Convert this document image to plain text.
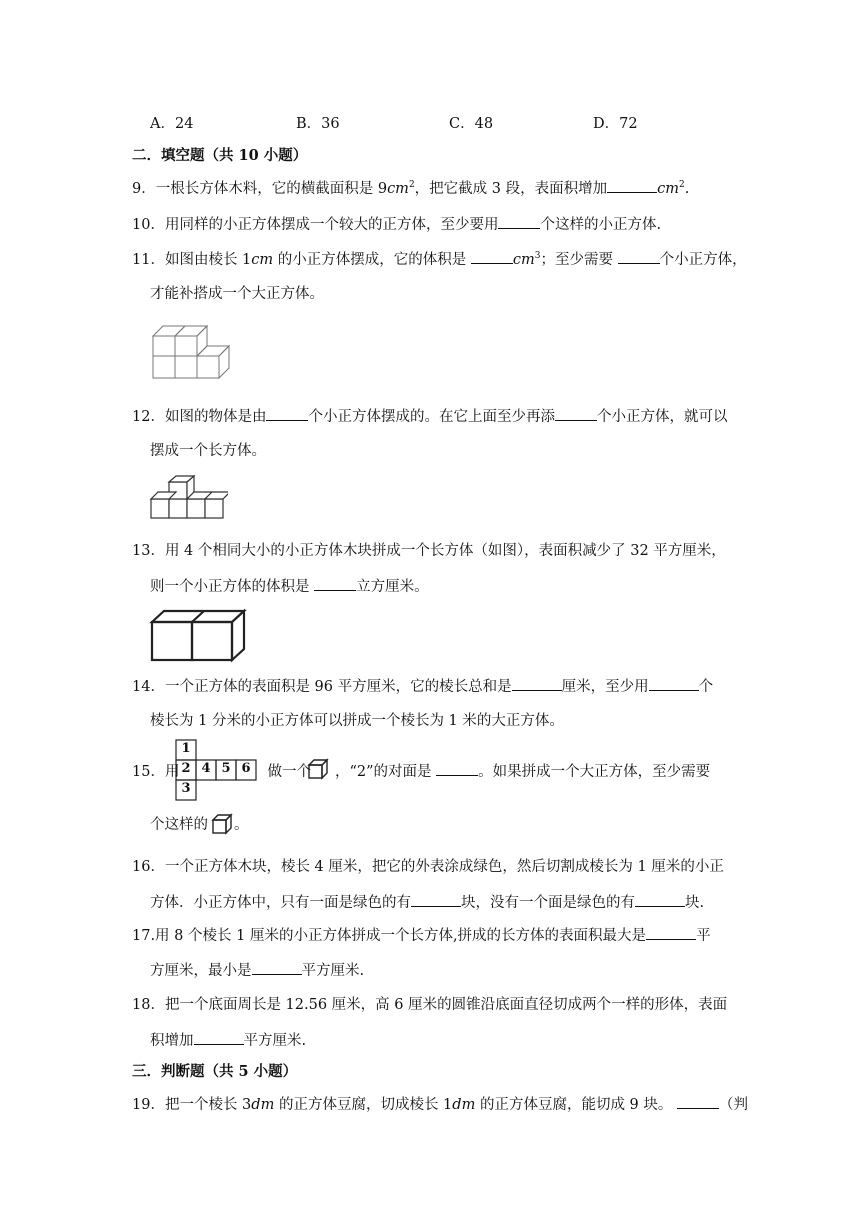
A．24	B．36	C．48	D．72
二．填空题（共 10 小题）
9．一根长方体木料，它的横截面积是 $9cm^2$，把它截成 3 段，表面积增加	$cm^2$.
10．用同样的小正方体摆成一个较大的正方体，至少要用	个这样的小正方体.
11．如图由棱长 1cm 的小正方体摆成，它的体积是	$cm^3$；至少需要	个小正方体，
才能补搭成一个大正方体。
12．如图的物体是由	个小正方体摆成的。在它上面至少再添	个小正方体，就可以
摆成一个长方体。
13．用 4 个相同大小的小正方体木块拼成一个长方体（如图），表面积减少了 32 平方厘米，
则一个小正方体的体积是	立方厘米。
14．一个正方体的表面积是 96 平方厘米，它的棱长总和是	厘米，至少用	个
棱长为 1 分米的小正方体可以拼成一个棱长为 1 米的大正方体。
15．用	做一个 ，“2”的对面是	。如果拼成一个大正方体，至少需要
1
2 4 5 6
3
个这样的 。
16．一个正方体木块，棱长 4 厘米，把它的外表涂成绿色，然后切割成棱长为 1 厘米的小正
方体．小正方体中，只有一面是绿色的有	块，没有一个面是绿色的有	块.
17.用 8 个棱长 1 厘米的小正方体拼成一个长方体,拼成的长方体的表面积最大是	平
方厘米，最小是	平方厘米.
18．把一个底面周长是 12.56 厘米，高 6 厘米的圆锥沿底面直径切成两个一样的形体，表面
积增加	平方厘米.
三．判断题（共 5 小题）
19．把一个棱长 3dm 的正方体豆腐，切成棱长 1dm 的正方体豆腐，能切成 9 块。	（判
